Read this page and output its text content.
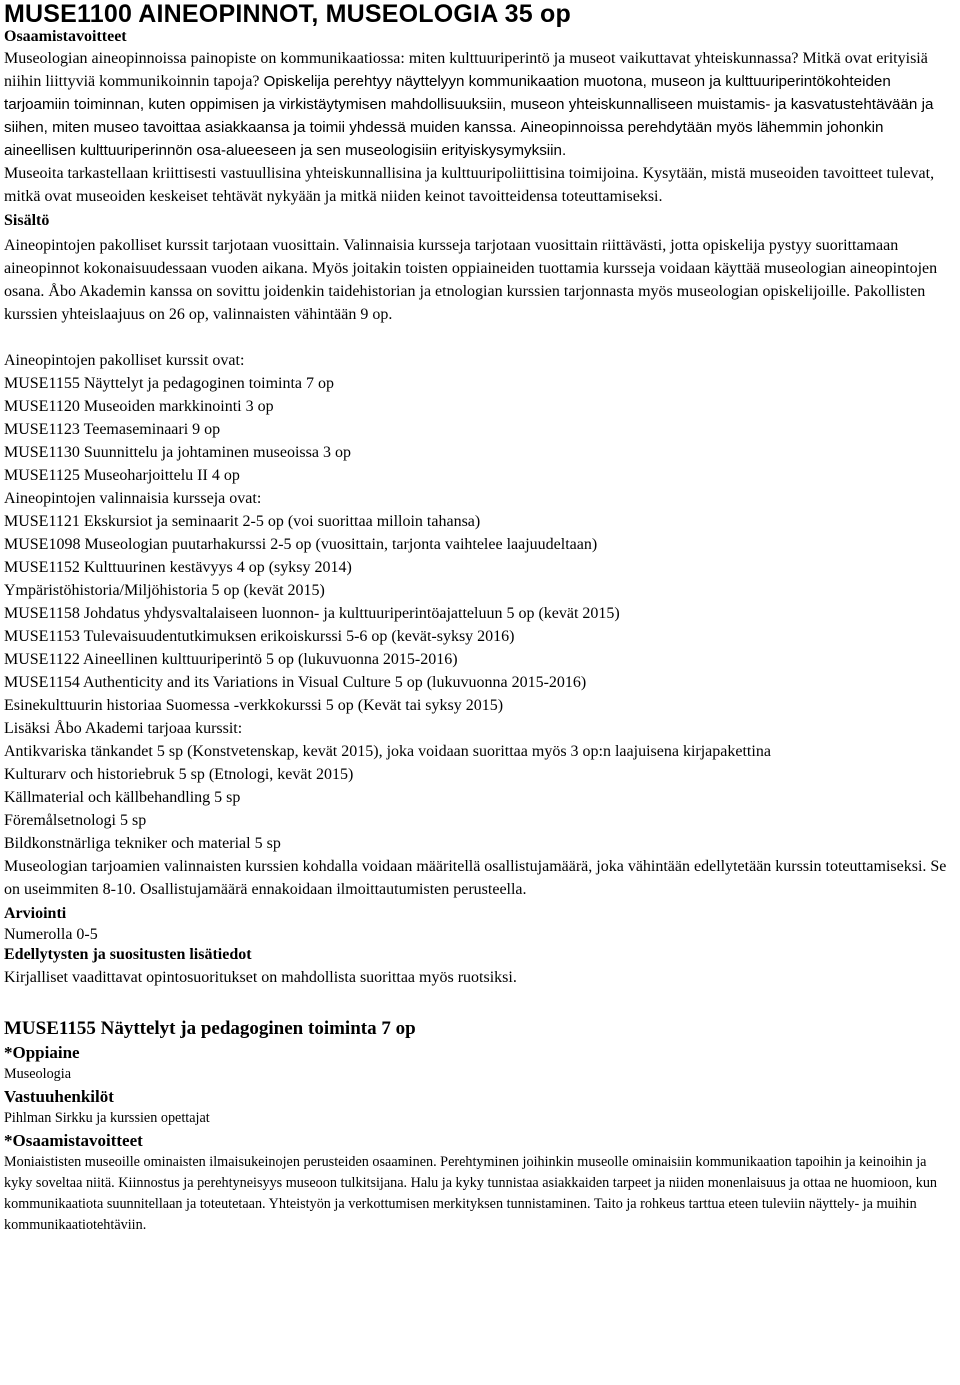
MUSE1100 AINEOPINNOT, MUSEOLOGIA 35 op

Osaamistavoitteet

Museologian aineopinnoissa painopiste on kommunikaatiossa: miten kulttuuriperintö ja museot vaikuttavat yhteiskunnassa? Mitkä ovat erityisiä niihin liittyviä kommunikoinnin tapoja? Opiskelija perehtyy näyttelyyn kommunikaation muotona, museon ja kulttuuriperintökohteiden tarjoamiin toiminnan, kuten oppimisen ja virkistäytymisen mahdollisuuksiin, museon yhteiskunnalliseen muistamis- ja kasvatustehtävään ja siihen, miten museo tavoittaa asiakkaansa ja toimii yhdessä muiden kanssa. Aineopinnoissa perehdytään myös lähemmin johonkin aineellisen kulttuuriperinnön osa-alueeseen ja sen museologisiin erityiskysymyksiin.

Museoita tarkastellaan kriittisesti vastuullisina yhteiskunnallisina ja kulttuuripoliittisina toimijoina. Kysytään, mistä museoiden tavoitteet tulevat, mitkä ovat museoiden keskeiset tehtävät nykyään ja mitkä niiden keinot tavoitteidensa toteuttamiseksi.

Sisältö

Aineopintojen pakolliset kurssit tarjotaan vuosittain. Valinnaisia kursseja tarjotaan vuosittain riittävästi, jotta opiskelija pystyy suorittamaan aineopinnot kokonaisuudessaan vuoden aikana. Myös joitakin toisten oppiaineiden tuottamia kursseja voidaan käyttää museologian aineopintojen osana. Åbo Akademin kanssa on sovittu joidenkin taidehistorian ja etnologian kurssien tarjonnasta myös museologian opiskelijoille. Pakollisten kurssien yhteislaajuus on 26 op, valinnaisten vähintään 9 op.

Aineopintojen pakolliset kurssit ovat:

MUSE1155 Näyttelyt ja pedagoginen toiminta 7 op

MUSE1120 Museoiden markkinointi 3 op

MUSE1123 Teemaseminaari 9 op

MUSE1130 Suunnittelu ja johtaminen museoissa 3 op

MUSE1125 Museoharjoittelu II 4 op

Aineopintojen valinnaisia kursseja ovat:

MUSE1121 Ekskursiot ja seminaarit 2-5 op (voi suorittaa milloin tahansa)

MUSE1098 Museologian puutarhakurssi 2-5 op (vuosittain, tarjonta vaihtelee laajuudeltaan)

MUSE1152 Kulttuurinen kestävyys 4 op (syksy 2014)

Ympäristöhistoria/Miljöhistoria 5 op (kevät 2015)

MUSE1158 Johdatus yhdysvaltalaiseen luonnon- ja kulttuuriperintöajatteluun 5 op (kevät 2015)

MUSE1153 Tulevaisuudentutkimuksen erikoiskurssi 5-6 op (kevät-syksy 2016)

MUSE1122 Aineellinen kulttuuriperintö 5 op (lukuvuonna 2015-2016)

MUSE1154 Authenticity and its Variations in Visual Culture 5 op (lukuvuonna 2015-2016)

Esinekulttuurin historiaa Suomessa -verkkokurssi 5 op (Kevät tai syksy 2015)

Lisäksi Åbo Akademi tarjoaa kurssit:

Antikvariska tänkandet 5 sp (Konstvetenskap, kevät 2015), joka voidaan suorittaa myös 3 op:n laajuisena kirjapakettina

Kulturarv och historiebruk 5 sp (Etnologi, kevät 2015)

Källmaterial och källbehandling 5 sp

Föremålsetnologi 5 sp

Bildkonstnärliga tekniker och material 5 sp

Museologian tarjoamien valinnaisten kurssien kohdalla voidaan määritellä osallistujamäärä, joka vähintään edellytetään kurssin toteuttamiseksi. Se on useimmiten 8-10. Osallistujamäärä ennakoidaan ilmoittautumisten perusteella.

Arviointi

Numerolla 0-5

Edellytysten ja suositusten lisätiedot

Kirjalliset vaadittavat opintosuoritukset on mahdollista suorittaa myös ruotsiksi.

MUSE1155 Näyttelyt ja pedagoginen toiminta 7 op

*Oppiaine

Museologia

Vastuuhenkilöt

Pihlman Sirkku ja kurssien opettajat

*Osaamistavoitteet

Moniaististen museoille ominaisten ilmaisukeinojen perusteiden osaaminen. Perehtyminen joihinkin museolle ominaisiin kommunikaation tapoihin ja keinoihin ja kyky soveltaa niitä. Kiinnostus ja perehtyneisyys museoon tulkitsijana. Halu ja kyky tunnistaa asiakkaiden tarpeet ja niiden monenlaisuus ja ottaa ne huomioon, kun kommunikaatiota suunnitellaan ja toteutetaan. Yhteistyön ja verkottumisen merkityksen tunnistaminen. Taito ja rohkeus tarttua eteen tuleviin näyttely- ja muihin kommunikaatiotehtäviin.
